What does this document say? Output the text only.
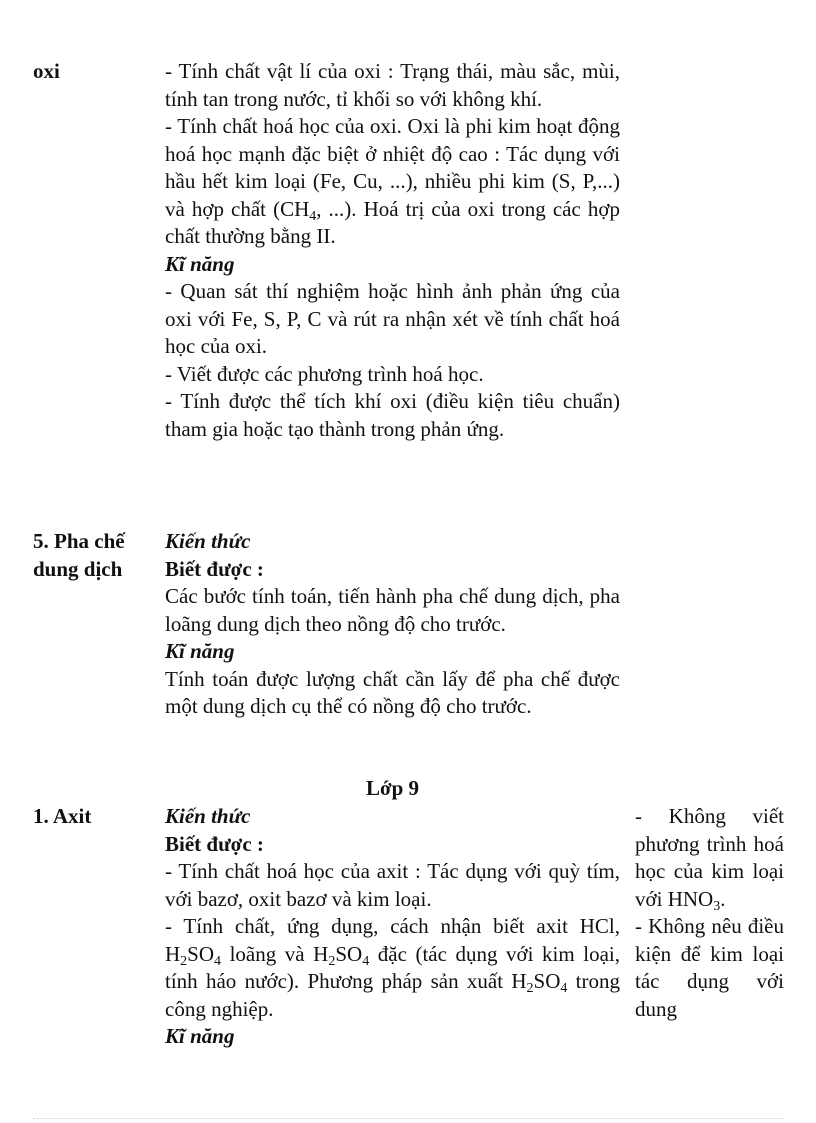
oxi	- Tính chất vật lí của oxi : Trạng thái, màu sắc, mùi, tính tan trong nước, tỉ khối so với không khí.

- Tính chất hoá học của oxi. Oxi là phi kim hoạt động hoá học mạnh đặc biệt ở nhiệt độ cao : Tác dụng với hầu hết kim loại (Fe, Cu, ...), nhiều phi kim (S, P,...) và hợp chất ($CH_4$, ...). Hoá trị của oxi trong các hợp chất thường bằng II.

Kĩ năng

- Quan sát thí nghiệm hoặc hình ảnh phản ứng của oxi với Fe, S, P, C và rút ra nhận xét về tính chất hoá học của oxi.

- Viết được các phương trình hoá học.

- Tính được thể tích khí oxi (điều kiện tiêu chuẩn) tham gia hoặc tạo thành trong phản ứng.

5. Pha chế
dung dịch

Kiến thức

Biết được :

Các bước tính toán, tiến hành pha chế dung dịch, pha loãng dung dịch theo nồng độ cho trước.

Kĩ năng

Tính toán được lượng chất cần lấy để pha chế được một dung dịch cụ thể có nồng độ cho trước.

Lớp 9
1. Axit	Kiến thức

Biết được :

- Tính chất hoá học của axit : Tác dụng với quỳ tím, với bazơ, oxit bazơ và kim loại.

- Tính chất, ứng dụng, cách nhận biết axit HCl, $H_2SO_4$ loãng và $H_2SO_4$ đặc (tác dụng với kim loại, tính háo nước). Phương pháp sản xuất $H_2SO_4$ trong công nghiệp.

Kĩ năng

- Không viết phương trình hoá học của kim loại với $HNO_3$.

- Không nêu điều kiện để kim loại tác dụng với dung
